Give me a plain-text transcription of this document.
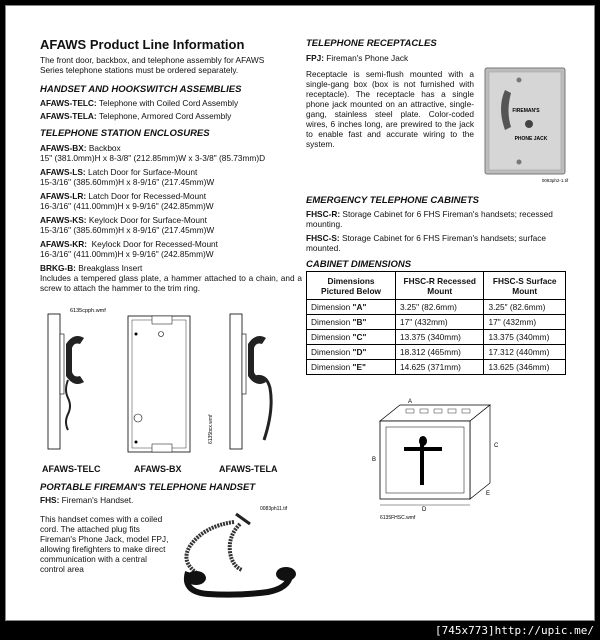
AFAWS Product Line Information
The front door, backbox, and telephone assembly for AFAWS Series telephone stations must be ordered separately.
HANDSET AND HOOKSWITCH ASSEMBLIES
AFAWS-TELC: Telephone with Coiled Cord Assembly
AFAWS-TELA: Telephone, Armored Cord Assembly
TELEPHONE STATION ENCLOSURES
AFAWS-BX: Backbox
15" (381.0mm)H x 8-3/8" (212.85mm)W x 3-3/8" (85.73mm)D
AFAWS-LS: Latch Door for Surface-Mount
15-3/16" (385.60mm)H x 8-9/16" (217.45mm)W
AFAWS-LR: Latch Door for Recessed-Mount
16-3/16" (411.00mm)H x 9-9/16" (242.85mm)W
AFAWS-KS: Keylock Door for Surface-Mount
15-3/16" (385.60mm)H x 8-9/16" (217.45mm)W
AFAWS-KR:  Keylock Door for Recessed-Mount
16-3/16" (411.00mm)H x 9-9/16" (242.85mm)W
BRKG-B: Breakglass Insert
Includes a tempered glass plate, a hammer attached to a chain, and a screw to attach the hammer to the trim ring.
6135cpph.wmf
6135bcx.wmf
AFAWS-TELC	AFAWS-BX	AFAWS-TELA
PORTABLE FIREMAN'S TELEPHONE HANDSET
FHS: Fireman's Handset.
This handset comes with a coiled cord. The attached plug fits Fireman's Phone Jack, model FPJ, allowing firefighters to make direct communication with a central control area
0083ph11.tif
TELEPHONE RECEPTACLES
FPJ: Fireman's Phone Jack
Receptacle is semi-flush mounted with a single-gang box (box is not furnished with receptacle). The receptacle has a single phone jack mounted on an attractive, single-gang, stainless steel plate. Color-coded wires, 6 inches long, are prewired to the jack to enable fast and accurate wiring to the system.
FIREMAN'S
PHONE JACK
0083ph2-1.tif
EMERGENCY TELEPHONE CABINETS
FHSC-R: Storage Cabinet for 6 FHS Fireman's handsets; recessed mounting.
FHSC-S: Storage Cabinet for 6 FHS Fireman's handsets; surface mounted.
CABINET DIMENSIONS
Dimensions Pictured Below	FHSC-R Recessed Mount	FHSC-S Surface Mount
Dimension "A"	3.25" (82.6mm)	3.25" (82.6mm)
Dimension "B"	17" (432mm)	17" (432mm)
Dimension "C"	13.375 (340mm)	13.375 (340mm)
Dimension "D"	18.312 (465mm)	17.312 (440mm)
Dimension "E"	14.625 (371mm)	13.625 (346mm)
A
B
C
D
E
6135FHSC.wmf
[745x773]http://upic.me/
